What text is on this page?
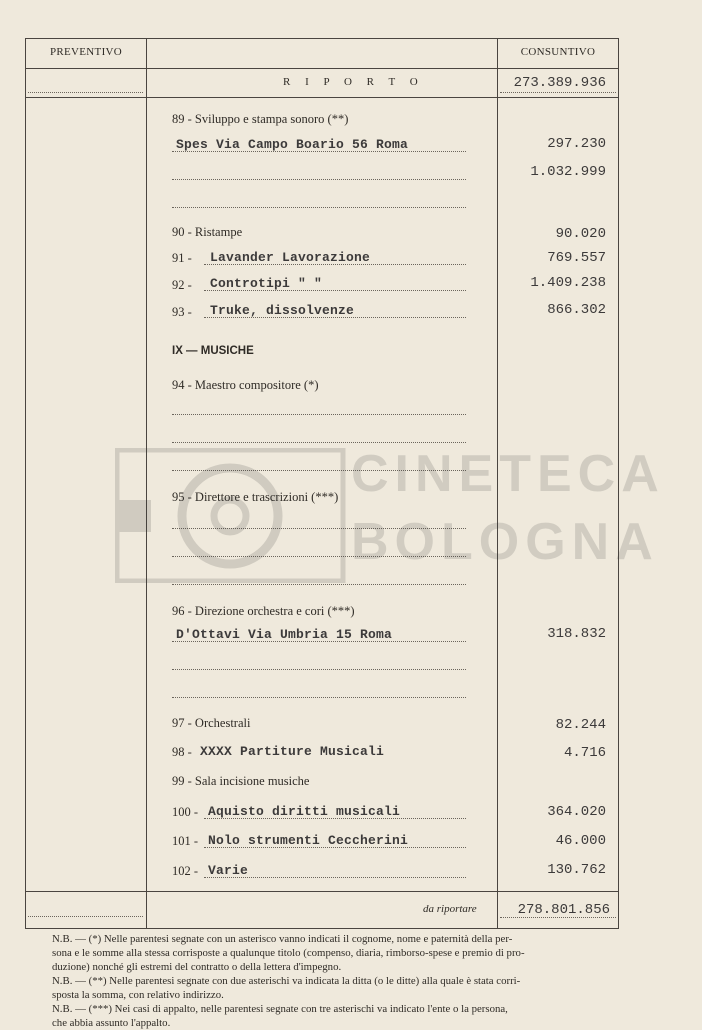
PREVENTIVO	CONSUNTIVO
R I P O R T O	273.389.936
89 - Sviluppo e stampa sonoro (**)
Spes Via Campo Boario 56 Roma	297.230
1.032.999
90 - Ristampe	90.020
91 - Lavander Lavorazione	769.557
92 - Controtipi " "	1.409.238
93 - Truke, dissolvenze	866.302
IX — MUSICHE
94 - Maestro compositore (*)
95 - Direttore e trascrizioni (***)
96 - Direzione orchestra e cori (***)
D'Ottavi Via Umbria 15 Roma	318.832
97 - Orchestrali	82.244
98 - XXXX Partiture Musicali	4.716
99 - Sala incisione musiche
100 - Aquisto diritti musicali	364.020
101 - Nolo strumenti Ceccherini	46.000
102 - Varie	130.762
da riportare	278.801.856
CINETECA
BOLOGNA

N.B. — (*) Nelle parentesi segnate con un asterisco vanno indicati il cognome, nome e paternità della per-

sona e le somme alla stessa corrisposte a qualunque titolo (compenso, diaria, rimborso-spese e premio di pro-

duzione) nonché gli estremi del contratto o della lettera d'impegno.

N.B. — (**) Nelle parentesi segnate con due asterischi va indicata la ditta (o le ditte) alla quale è stata corri-

sposta la somma, con relativo indirizzo.

N.B. — (***) Nei casi di appalto, nelle parentesi segnate con tre asterischi va indicato l'ente o la persona,

che abbia assunto l'appalto.
